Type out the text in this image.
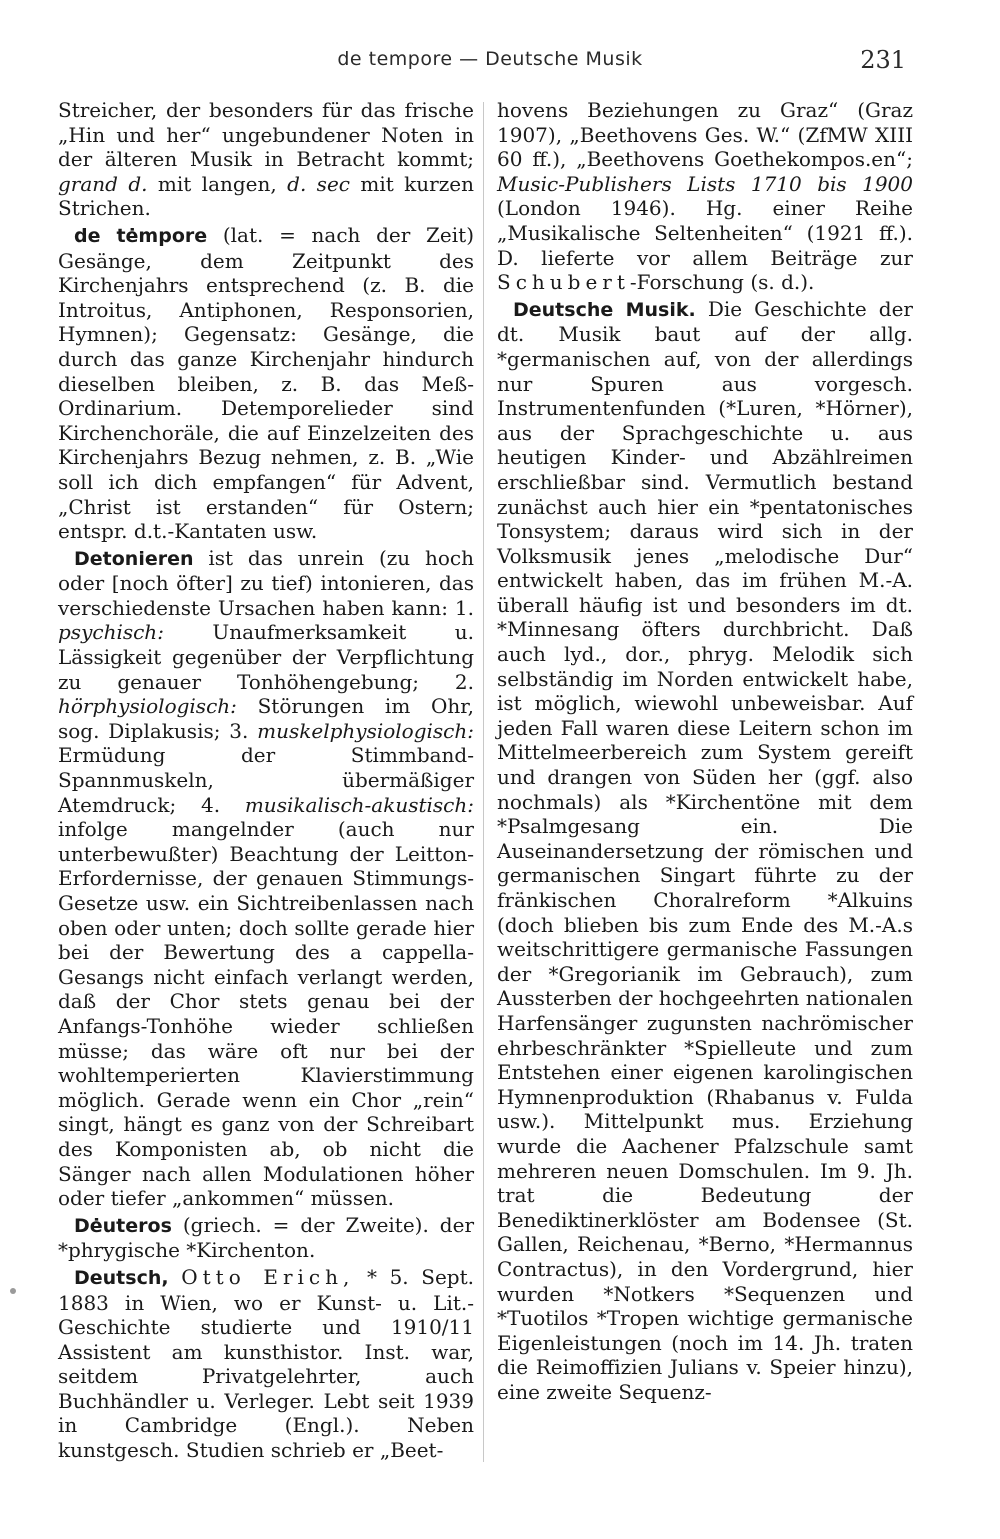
de tempore — Deutsche Musik	231

Streicher, der besonders für das frische „Hin und her“ ungebundener Noten in der älteren Musik in Betracht kommt; grand d. mit langen, d. sec mit kurzen Strichen.

de tėmpore (lat. = nach der Zeit) Gesänge, dem Zeitpunkt des Kirchenjahrs entsprechend (z. B. die Introitus, Antiphonen, Responsorien, Hymnen); Gegensatz: Gesänge, die durch das ganze Kirchenjahr hindurch dieselben bleiben, z. B. das Meß-Ordinarium. Detemporelieder sind Kirchenchoräle, die auf Einzelzeiten des Kirchenjahrs Bezug nehmen, z. B. „Wie soll ich dich empfangen“ für Advent, „Christ ist erstanden“ für Ostern; entspr. d.t.-Kantaten usw.

Detonieren ist das unrein (zu hoch oder [noch öfter] zu tief) intonieren, das verschiedenste Ursachen haben kann: 1. psychisch: Unaufmerksamkeit u. Lässigkeit gegenüber der Verpflichtung zu genauer Tonhöhengebung; 2. hörphysiologisch: Störungen im Ohr, sog. Diplakusis; 3. muskelphysiologisch: Ermüdung der Stimmband-Spannmuskeln, übermäßiger Atemdruck; 4. musikalisch-akustisch: infolge mangelnder (auch nur unterbewußter) Beachtung der Leitton-Erfordernisse, der genauen Stimmungs-Gesetze usw. ein Sichtreibenlassen nach oben oder unten; doch sollte gerade hier bei der Bewertung des a cappella-Gesangs nicht einfach verlangt werden, daß der Chor stets genau bei der Anfangs-Tonhöhe wieder schließen müsse; das wäre oft nur bei der wohltemperierten Klavierstimmung möglich. Gerade wenn ein Chor „rein“ singt, hängt es ganz von der Schreibart des Komponisten ab, ob nicht die Sänger nach allen Modulationen höher oder tiefer „ankommen“ müssen.

Dėuteros (griech. = der Zweite). der *phrygische *Kirchenton.

Deutsch, Otto Erich, * 5. Sept. 1883 in Wien, wo er Kunst- u. Lit.-Geschichte studierte und 1910/11 Assistent am kunsthistor. Inst. war, seitdem Privatgelehrter, auch Buchhändler u. Verleger. Lebt seit 1939 in Cambridge (Engl.). Neben kunstgesch. Studien schrieb er „Beet-

hovens Beziehungen zu Graz“ (Graz 1907), „Beethovens Ges. W.“ (ZfMW XIII 60 ff.), „Beethovens Goethekompos.en“; Music-Publishers Lists 1710 bis 1900 (London 1946). Hg. einer Reihe „Musikalische Seltenheiten“ (1921 ff.). D. lieferte vor allem Beiträge zur Schubert-Forschung (s. d.).

Deutsche Musik. Die Geschichte der dt. Musik baut auf der allg. *germanischen auf, von der allerdings nur Spuren aus vorgesch. Instrumentenfunden (*Luren, *Hörner), aus der Sprachgeschichte u. aus heutigen Kinder- und Abzählreimen erschließbar sind. Vermutlich bestand zunächst auch hier ein *pentatonisches Tonsystem; daraus wird sich in der Volksmusik jenes „melodische Dur“ entwickelt haben, das im frühen M.-A. überall häufig ist und besonders im dt. *Minnesang öfters durchbricht. Daß auch lyd., dor., phryg. Melodik sich selbständig im Norden entwickelt habe, ist möglich, wiewohl unbeweisbar. Auf jeden Fall waren diese Leitern schon im Mittelmeerbereich zum System gereift und drangen von Süden her (ggf. also nochmals) als *Kirchentöne mit dem *Psalmgesang ein. Die Auseinandersetzung der römischen und germanischen Singart führte zu der fränkischen Choralreform *Alkuins (doch blieben bis zum Ende des M.-A.s weitschrittigere germanische Fassungen der *Gregorianik im Gebrauch), zum Aussterben der hochgeehrten nationalen Harfensänger zugunsten nachrömischer ehrbeschränkter *Spielleute und zum Entstehen einer eigenen karolingischen Hymnenproduktion (Rhabanus v. Fulda usw.). Mittelpunkt mus. Erziehung wurde die Aachener Pfalzschule samt mehreren neuen Domschulen. Im 9. Jh. trat die Bedeutung der Benediktinerklöster am Bodensee (St. Gallen, Reichenau, *Berno, *Hermannus Contractus), in den Vordergrund, hier wurden *Notkers *Sequenzen und *Tuotilos *Tropen wichtige germanische Eigenleistungen (noch im 14. Jh. traten die Reimoffizien Julians v. Speier hinzu), eine zweite Sequenz-
